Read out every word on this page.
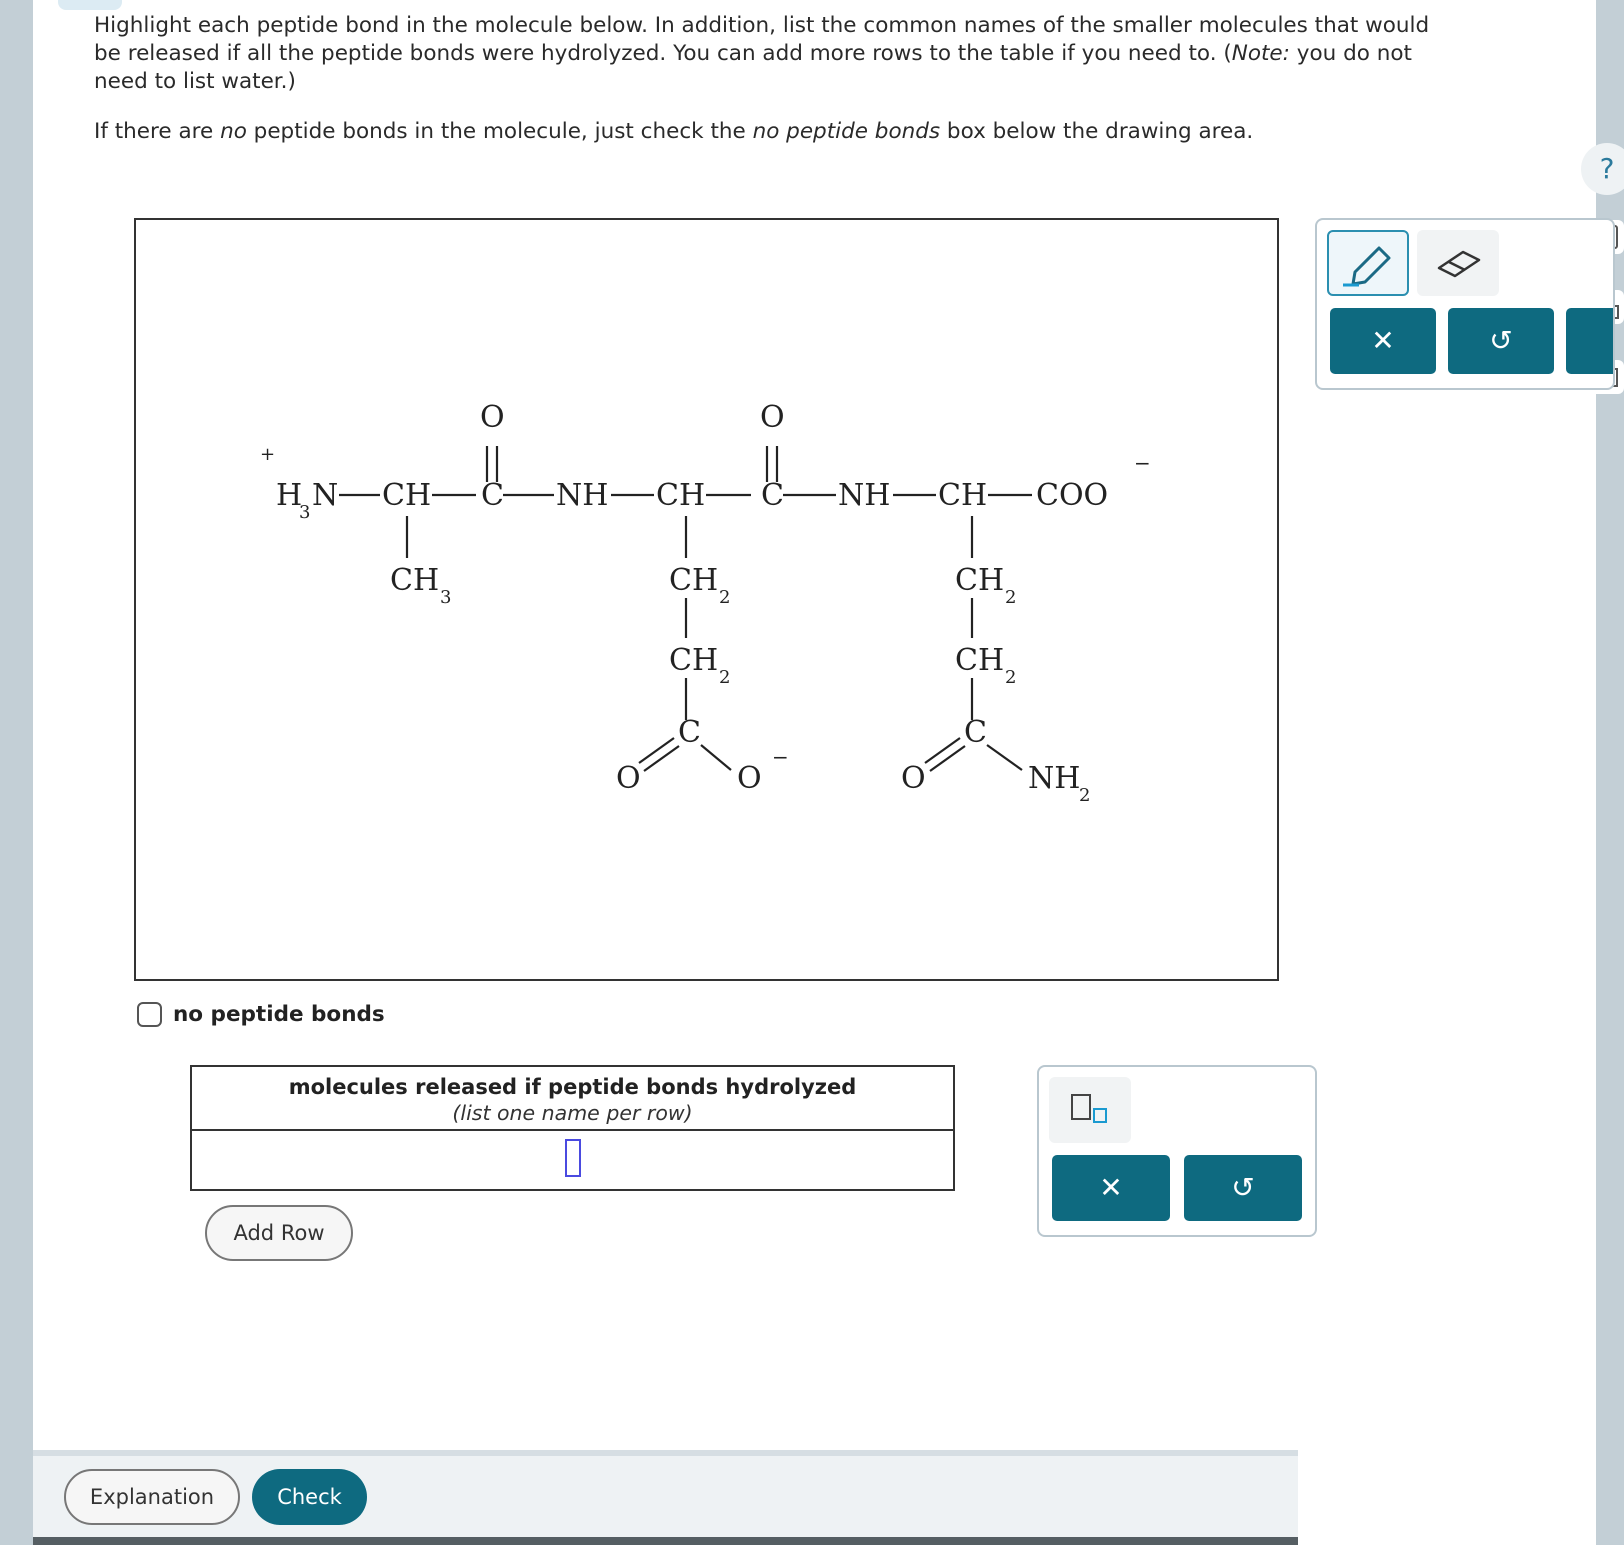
Highlight each peptide bond in the molecule below. In addition, list the common names of the smaller molecules that would be released if all the peptide bonds were hydrolyzed. You can add more rows to the table if you need to. (Note: you do not need to list water.)

If there are no peptide bonds in the molecule, just check the no peptide bonds box below the drawing area.

?
+
H
3 N CH
CH 3
C
O
NH CH
CH 2
CH 2
C
O	O
−
C
O
NH CH
CH 2
CH 2
C
O	NH
2
COO
−
✕	↺
no peptide bonds
molecules released if peptide bonds hydrolyzed
(list one name per row)
✕	↺
Add Row
Explanation	Check
